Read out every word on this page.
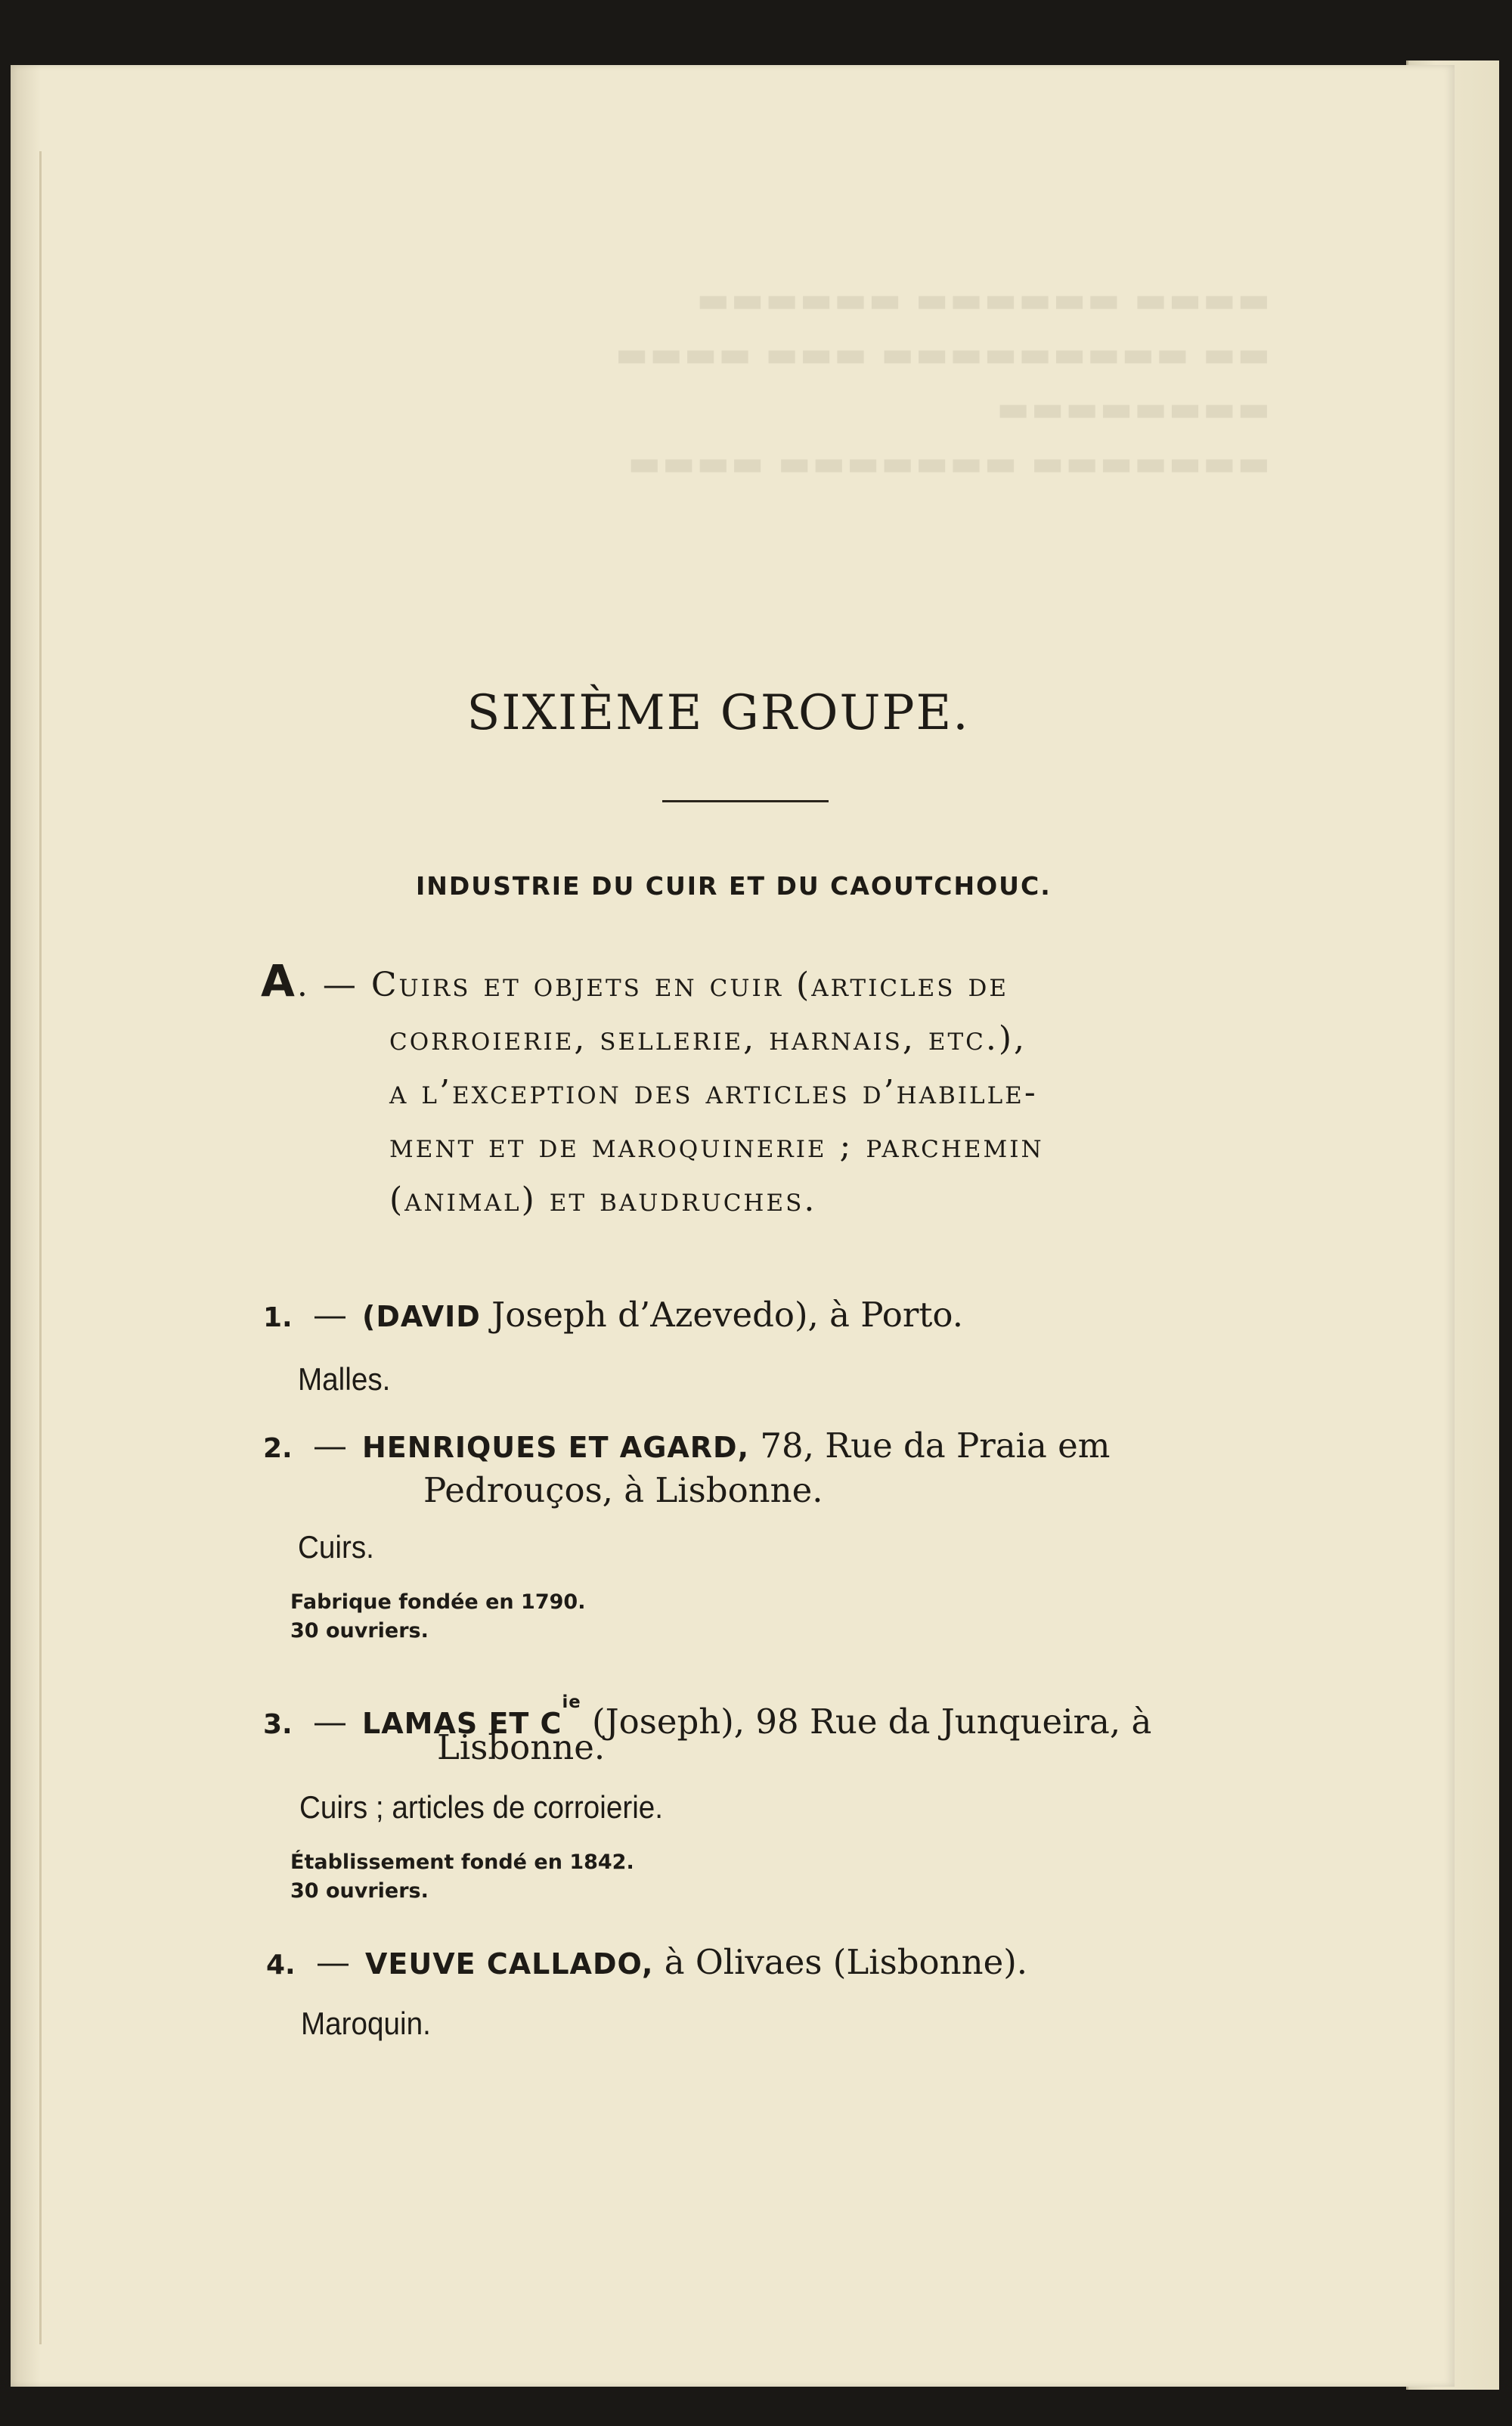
▬▬▬▬ ▬▬▬▬▬▬ ▬▬▬▬▬▬

▬▬ ▬▬▬▬▬▬▬▬▬ ▬▬▬ ▬▬▬▬

▬▬▬▬▬▬▬▬

▬▬▬▬▬▬▬ ▬▬▬▬▬▬▬ ▬▬▬▬

SIXIÈME GROUPE.
INDUSTRIE DU CUIR ET DU CAOUTCHOUC.

A. — Cuirs et objets en cuir (articles de
corroierie, sellerie, harnais, etc.),
a l’exception des articles d’habille-
ment et de maroquinerie ; parchemin
(animal) et baudruches.

1. — (DAVID Joseph d’Azevedo), à Porto.

Malles.

2. — HENRIQUES ET AGARD, 78, Rue da Praia em

Pedrouços, à Lisbonne.

Cuirs.

Fabrique fondée en 1790.

30 ouvriers.

3. — LAMAS ET $C^{ie}$ (Joseph), 98 Rue da Junqueira, à

Lisbonne.

Cuirs ; articles de corroierie.

Établissement fondé en 1842.

30 ouvriers.

4. — VEUVE CALLADO, à Olivaes (Lisbonne).

Maroquin.
